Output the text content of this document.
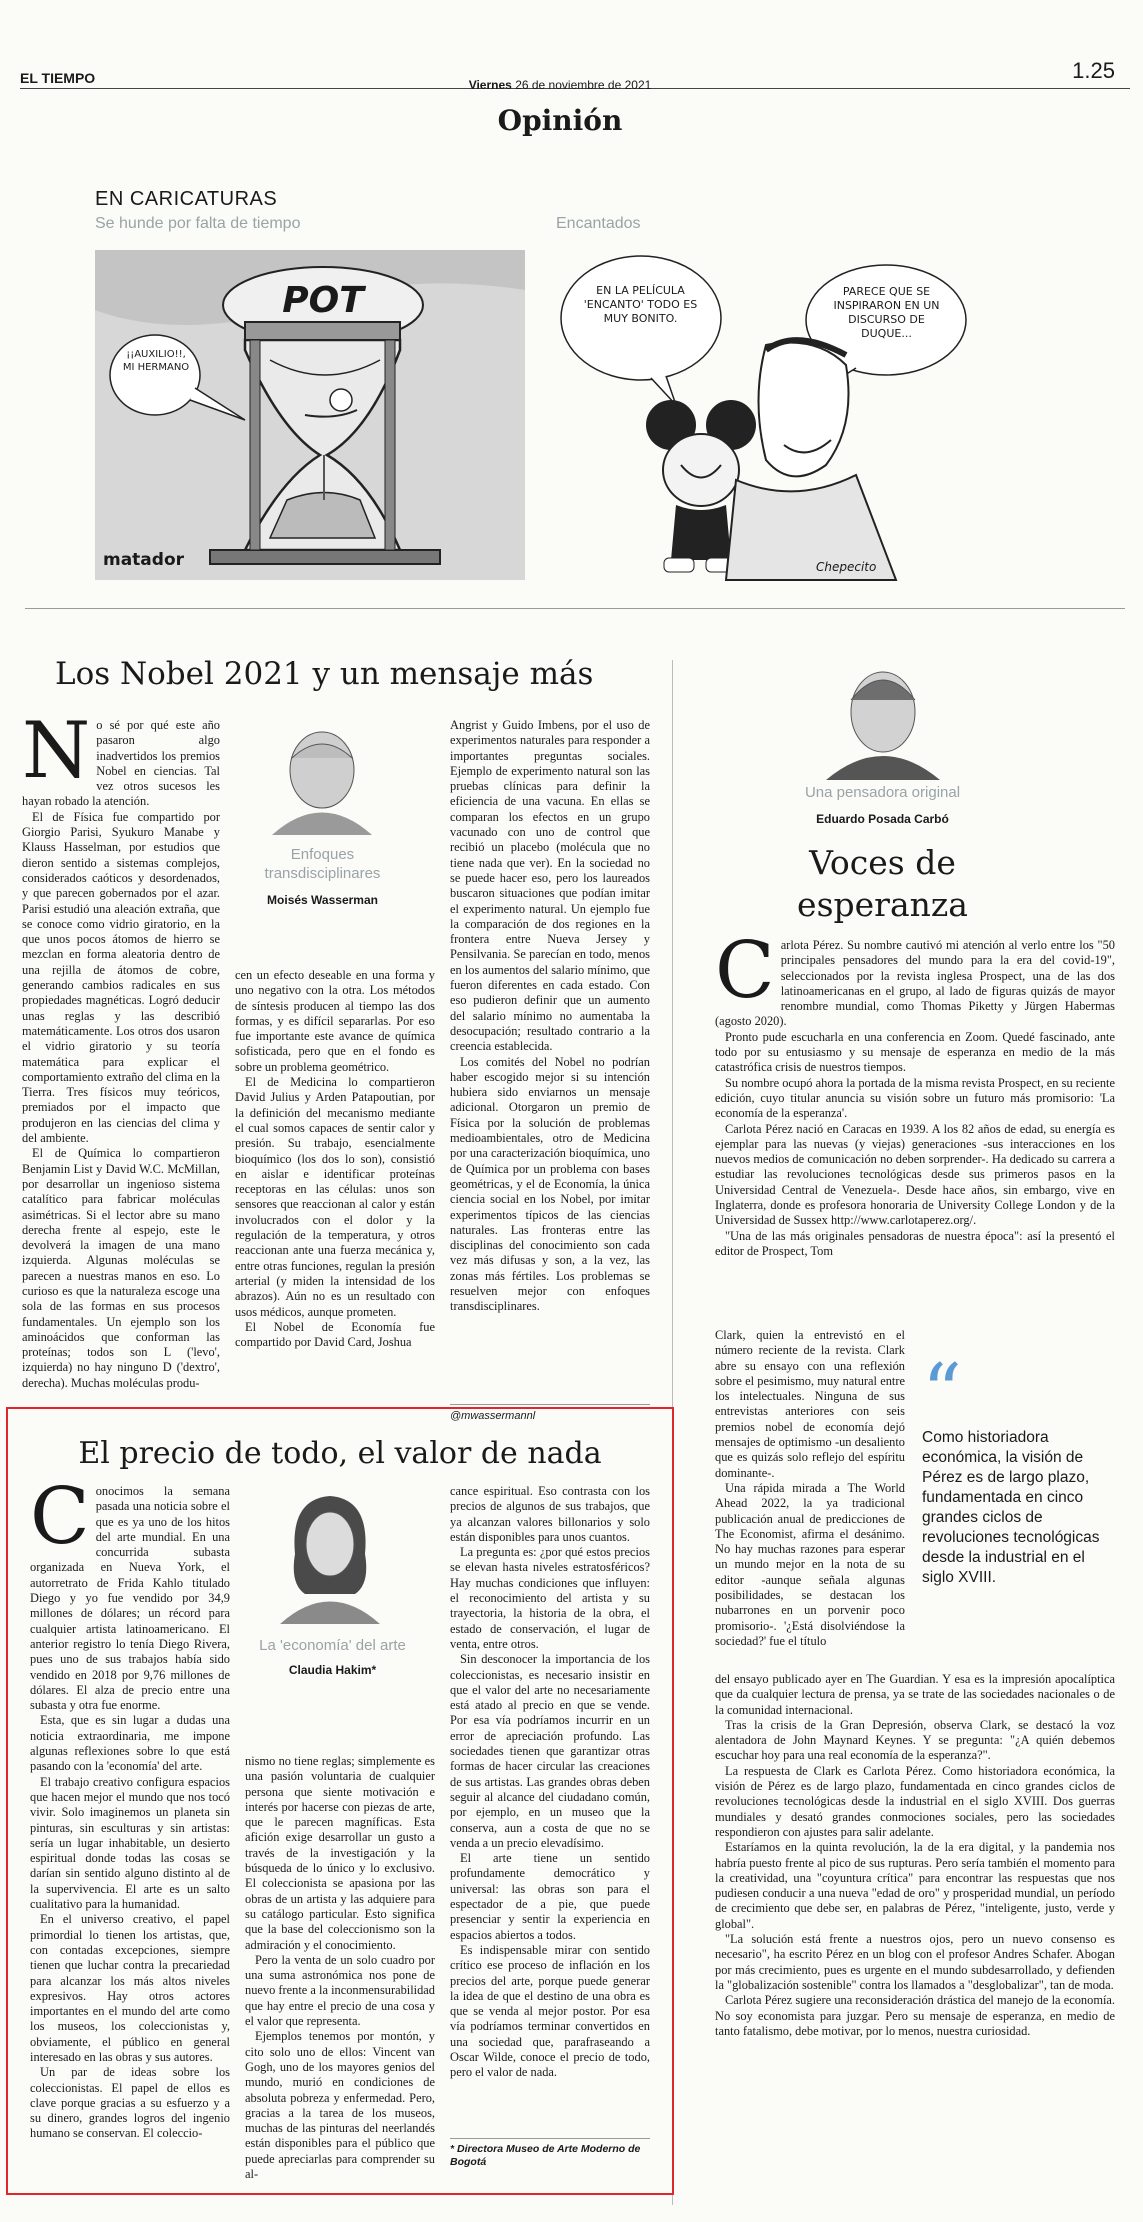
EL TIEMPO	Viernes 26 de noviembre de 2021
Opinión
1.25
EN CARICATURAS
Se hunde por falta de tiempo	Encantados
POT
¡¡AUXILIO!!, MI HERMANO
matador
EN LA PELÍCULA 'ENCANTO' TODO ES MUY BONITO.
PARECE QUE SE INSPIRARON EN UN DISCURSO DE DUQUE...
Chepecito
Los Nobel 2021 y un mensaje más
N o sé por qué este año pasaron algo inadvertidos los premios Nobel en ciencias. Tal vez otros sucesos les hayan robado la atención.

El de Física fue compartido por Giorgio Parisi, Syukuro Manabe y Klauss Hasselman, por estudios que dieron sentido a sistemas complejos, considerados caóticos y desordenados, y que parecen gobernados por el azar. Parisi estudió una aleación extraña, que se conoce como vidrio giratorio, en la que unos pocos átomos de hierro se mezclan en forma aleatoria dentro de una rejilla de átomos de cobre, generando cambios radicales en sus propiedades magnéticas. Logró deducir unas reglas y las describió matemáticamente. Los otros dos usaron el vidrio giratorio y su teoría matemática para explicar el comportamiento extraño del clima en la Tierra. Tres físicos muy teóricos, premiados por el impacto que produjeron en las ciencias del clima y del ambiente.

El de Química lo compartieron Benjamin List y David W.C. McMillan, por desarrollar un ingenioso sistema catalítico para fabricar moléculas asimétricas. Si el lector abre su mano derecha frente al espejo, este le devolverá la imagen de una mano izquierda. Algunas moléculas se parecen a nuestras manos en eso. Lo curioso es que la naturaleza escoge una sola de las formas en sus procesos fundamentales. Un ejemplo son los aminoácidos que conforman las proteínas; todos son L ('levo', izquierda) no hay ninguno D ('dextro', derecha). Muchas moléculas produ-

Enfoques transdisciplinares
Moisés Wasserman

cen un efecto deseable en una forma y uno negativo con la otra. Los métodos de síntesis producen al tiempo las dos formas, y es difícil separarlas. Por eso fue importante este avance de química sofisticada, pero que en el fondo es sobre un problema geométrico.

El de Medicina lo compartieron David Julius y Arden Patapoutian, por la definición del mecanismo mediante el cual somos capaces de sentir calor y presión. Su trabajo, esencialmente bioquímico (los dos lo son), consistió en aislar e identificar proteínas receptoras en las células: unos son sensores que reaccionan al calor y están involucrados con el dolor y la regulación de la temperatura, y otros reaccionan ante una fuerza mecánica y, entre otras funciones, regulan la presión arterial (y miden la intensidad de los abrazos). Aún no es un resultado con usos médicos, aunque prometen.

El Nobel de Economía fue compartido por David Card, Joshua

Angrist y Guido Imbens, por el uso de experimentos naturales para responder a importantes preguntas sociales. Ejemplo de experimento natural son las pruebas clínicas para definir la eficiencia de una vacuna. En ellas se comparan los efectos en un grupo vacunado con uno de control que recibió un placebo (molécula que no tiene nada que ver). En la sociedad no se puede hacer eso, pero los laureados buscaron situaciones que podían imitar el experimento natural. Un ejemplo fue la comparación de dos regiones en la frontera entre Nueva Jersey y Pensilvania. Se parecían en todo, menos en los aumentos del salario mínimo, que fueron diferentes en cada estado. Con eso pudieron definir que un aumento del salario mínimo no aumentaba la desocupación; resultado contrario a la creencia establecida.

Los comités del Nobel no podrían haber escogido mejor si su intención hubiera sido enviarnos un mensaje adicional. Otorgaron un premio de Física por la solución de problemas medioambientales, otro de Medicina por una caracterización bioquímica, uno de Química por un problema con bases geométricas, y el de Economía, la única ciencia social en los Nobel, por imitar experimentos típicos de las ciencias naturales. Las fronteras entre las disciplinas del conocimiento son cada vez más difusas y son, a la vez, las zonas más fértiles. Los problemas se resuelven mejor con enfoques transdisciplinares.

@mwassermannl
Una pensadora original
Eduardo Posada Carbó
Voces de esperanza
C arlota Pérez. Su nombre cautivó mi atención al verlo entre los "50 principales pensadores del mundo para la era del covid-19", seleccionados por la revista inglesa Prospect, una de las dos latinoamericanas en el grupo, al lado de figuras quizás de mayor renombre mundial, como Thomas Piketty y Jürgen Habermas (agosto 2020).

Pronto pude escucharla en una conferencia en Zoom. Quedé fascinado, ante todo por su entusiasmo y su mensaje de esperanza en medio de la más catastrófica crisis de nuestros tiempos.

Su nombre ocupó ahora la portada de la misma revista Prospect, en su reciente edición, cuyo titular anuncia su visión sobre un futuro más promisorio: 'La economía de la esperanza'.

Carlota Pérez nació en Caracas en 1939. A los 82 años de edad, su energía es ejemplar para las nuevas (y viejas) generaciones -sus interacciones en los nuevos medios de comunicación no deben sorprender-. Ha dedicado su carrera a estudiar las revoluciones tecnológicas desde sus primeros pasos en la Universidad Central de Venezuela-. Desde hace años, sin embargo, vive en Inglaterra, donde es profesora honoraria de University College London y de la Universidad de Sussex http://www.carlotaperez.org/.

"Una de las más originales pensadoras de nuestra época": así la presentó el editor de Prospect, Tom

Clark, quien la entrevistó en el número reciente de la revista. Clark abre su ensayo con una reflexión sobre el pesimismo, muy natural entre los intelectuales. Ninguna de sus entrevistas anteriores con seis premios nobel de economía dejó mensajes de optimismo -un desaliento que es quizás solo reflejo del espíritu dominante-.

Una rápida mirada a The World Ahead 2022, la ya tradicional publicación anual de predicciones de The Economist, afirma el desánimo. No hay muchas razones para esperar un mundo mejor en la nota de su editor -aunque señala algunas posibilidades, se destacan los nubarrones en un porvenir poco promisorio-. '¿Está disolviéndose la sociedad?' fue el título

“
Como historiadora económica, la visión de Pérez es de largo plazo, fundamentada en cinco grandes ciclos de revoluciones tecnológicas desde la industrial en el siglo XVIII.

del ensayo publicado ayer en The Guardian. Y esa es la impresión apocalíptica que da cualquier lectura de prensa, ya se trate de las sociedades nacionales o de la comunidad internacional.

Tras la crisis de la Gran Depresión, observa Clark, se destacó la voz alentadora de John Maynard Keynes. Y se pregunta: "¿A quién debemos escuchar hoy para una real economía de la esperanza?".

La respuesta de Clark es Carlota Pérez. Como historiadora económica, la visión de Pérez es de largo plazo, fundamentada en cinco grandes ciclos de revoluciones tecnológicas desde la industrial en el siglo XVIII. Dos guerras mundiales y desató grandes conmociones sociales, pero las sociedades respondieron con ajustes para salir adelante.

Estaríamos en la quinta revolución, la de la era digital, y la pandemia nos habría puesto frente al pico de sus rupturas. Pero sería también el momento para la creatividad, una "coyuntura crítica" para encontrar las respuestas que nos pudiesen conducir a una nueva "edad de oro" y prosperidad mundial, un período de crecimiento que debe ser, en palabras de Pérez, "inteligente, justo, verde y global".

"La solución está frente a nuestros ojos, pero un nuevo consenso es necesario", ha escrito Pérez en un blog con el profesor Andres Schafer. Abogan por más crecimiento, pues es urgente en el mundo subdesarrollado, y defienden la "globalización sostenible" contra los llamados a "desglobalizar", tan de moda.

Carlota Pérez sugiere una reconsideración drástica del manejo de la economía. No soy economista para juzgar. Pero su mensaje de esperanza, en medio de tanto fatalismo, debe motivar, por lo menos, nuestra curiosidad.

El precio de todo, el valor de nada
C onocimos la semana pasada una noticia sobre el que es ya uno de los hitos del arte mundial. En una concurrida subasta organizada en Nueva York, el autorretrato de Frida Kahlo titulado Diego y yo fue vendido por 34,9 millones de dólares; un récord para cualquier artista latinoamericano. El anterior registro lo tenía Diego Rivera, pues uno de sus trabajos había sido vendido en 2018 por 9,76 millones de dólares. El alza de precio entre una subasta y otra fue enorme.

Esta, que es sin lugar a dudas una noticia extraordinaria, me impone algunas reflexiones sobre lo que está pasando con la 'economía' del arte.

El trabajo creativo configura espacios que hacen mejor el mundo que nos tocó vivir. Solo imaginemos un planeta sin pinturas, sin esculturas y sin artistas: sería un lugar inhabitable, un desierto espiritual donde todas las cosas se darían sin sentido alguno distinto al de la supervivencia. El arte es un salto cualitativo para la humanidad.

En el universo creativo, el papel primordial lo tienen los artistas, que, con contadas excepciones, siempre tienen que luchar contra la precariedad para alcanzar los más altos niveles expresivos. Hay otros actores importantes en el mundo del arte como los museos, los coleccionistas y, obviamente, el público en general interesado en las obras y sus autores.

Un par de ideas sobre los coleccionistas. El papel de ellos es clave porque gracias a su esfuerzo y a su dinero, grandes logros del ingenio humano se conservan. El coleccio-

La 'economía' del arte
Claudia Hakim*

nismo no tiene reglas; simplemente es una pasión voluntaria de cualquier persona que siente motivación e interés por hacerse con piezas de arte, que le parecen magníficas. Esta afición exige desarrollar un gusto a través de la investigación y la búsqueda de lo único y lo exclusivo. El coleccionista se apasiona por las obras de un artista y las adquiere para su catálogo particular. Esto significa que la base del coleccionismo son la admiración y el conocimiento.

Pero la venta de un solo cuadro por una suma astronómica nos pone de nuevo frente a la inconmensurabilidad que hay entre el precio de una cosa y el valor que representa.

Ejemplos tenemos por montón, y cito solo uno de ellos: Vincent van Gogh, uno de los mayores genios del mundo, murió en condiciones de absoluta pobreza y enfermedad. Pero, gracias a la tarea de los museos, muchas de las pinturas del neerlandés están disponibles para el público que puede apreciarlas para comprender su al-

cance espiritual. Eso contrasta con los precios de algunos de sus trabajos, que ya alcanzan valores billonarios y solo están disponibles para unos cuantos.

La pregunta es: ¿por qué estos precios se elevan hasta niveles estratosféricos? Hay muchas condiciones que influyen: el reconocimiento del artista y su trayectoria, la historia de la obra, el estado de conservación, el lugar de venta, entre otros.

Sin desconocer la importancia de los coleccionistas, es necesario insistir en que el valor del arte no necesariamente está atado al precio en que se vende. Por esa vía podríamos incurrir en un error de apreciación profundo. Las sociedades tienen que garantizar otras formas de hacer circular las creaciones de sus artistas. Las grandes obras deben seguir al alcance del ciudadano común, por ejemplo, en un museo que la conserva, aun a costa de que no se venda a un precio elevadísimo.

El arte tiene un sentido profundamente democrático y universal: las obras son para el espectador de a pie, que puede presenciar y sentir la experiencia en espacios abiertos a todos.

Es indispensable mirar con sentido crítico ese proceso de inflación en los precios del arte, porque puede generar la idea de que el destino de una obra es que se venda al mejor postor. Por esa vía podríamos terminar convertidos en una sociedad que, parafraseando a Oscar Wilde, conoce el precio de todo, pero el valor de nada.

* Directora Museo de Arte Moderno de Bogotá
